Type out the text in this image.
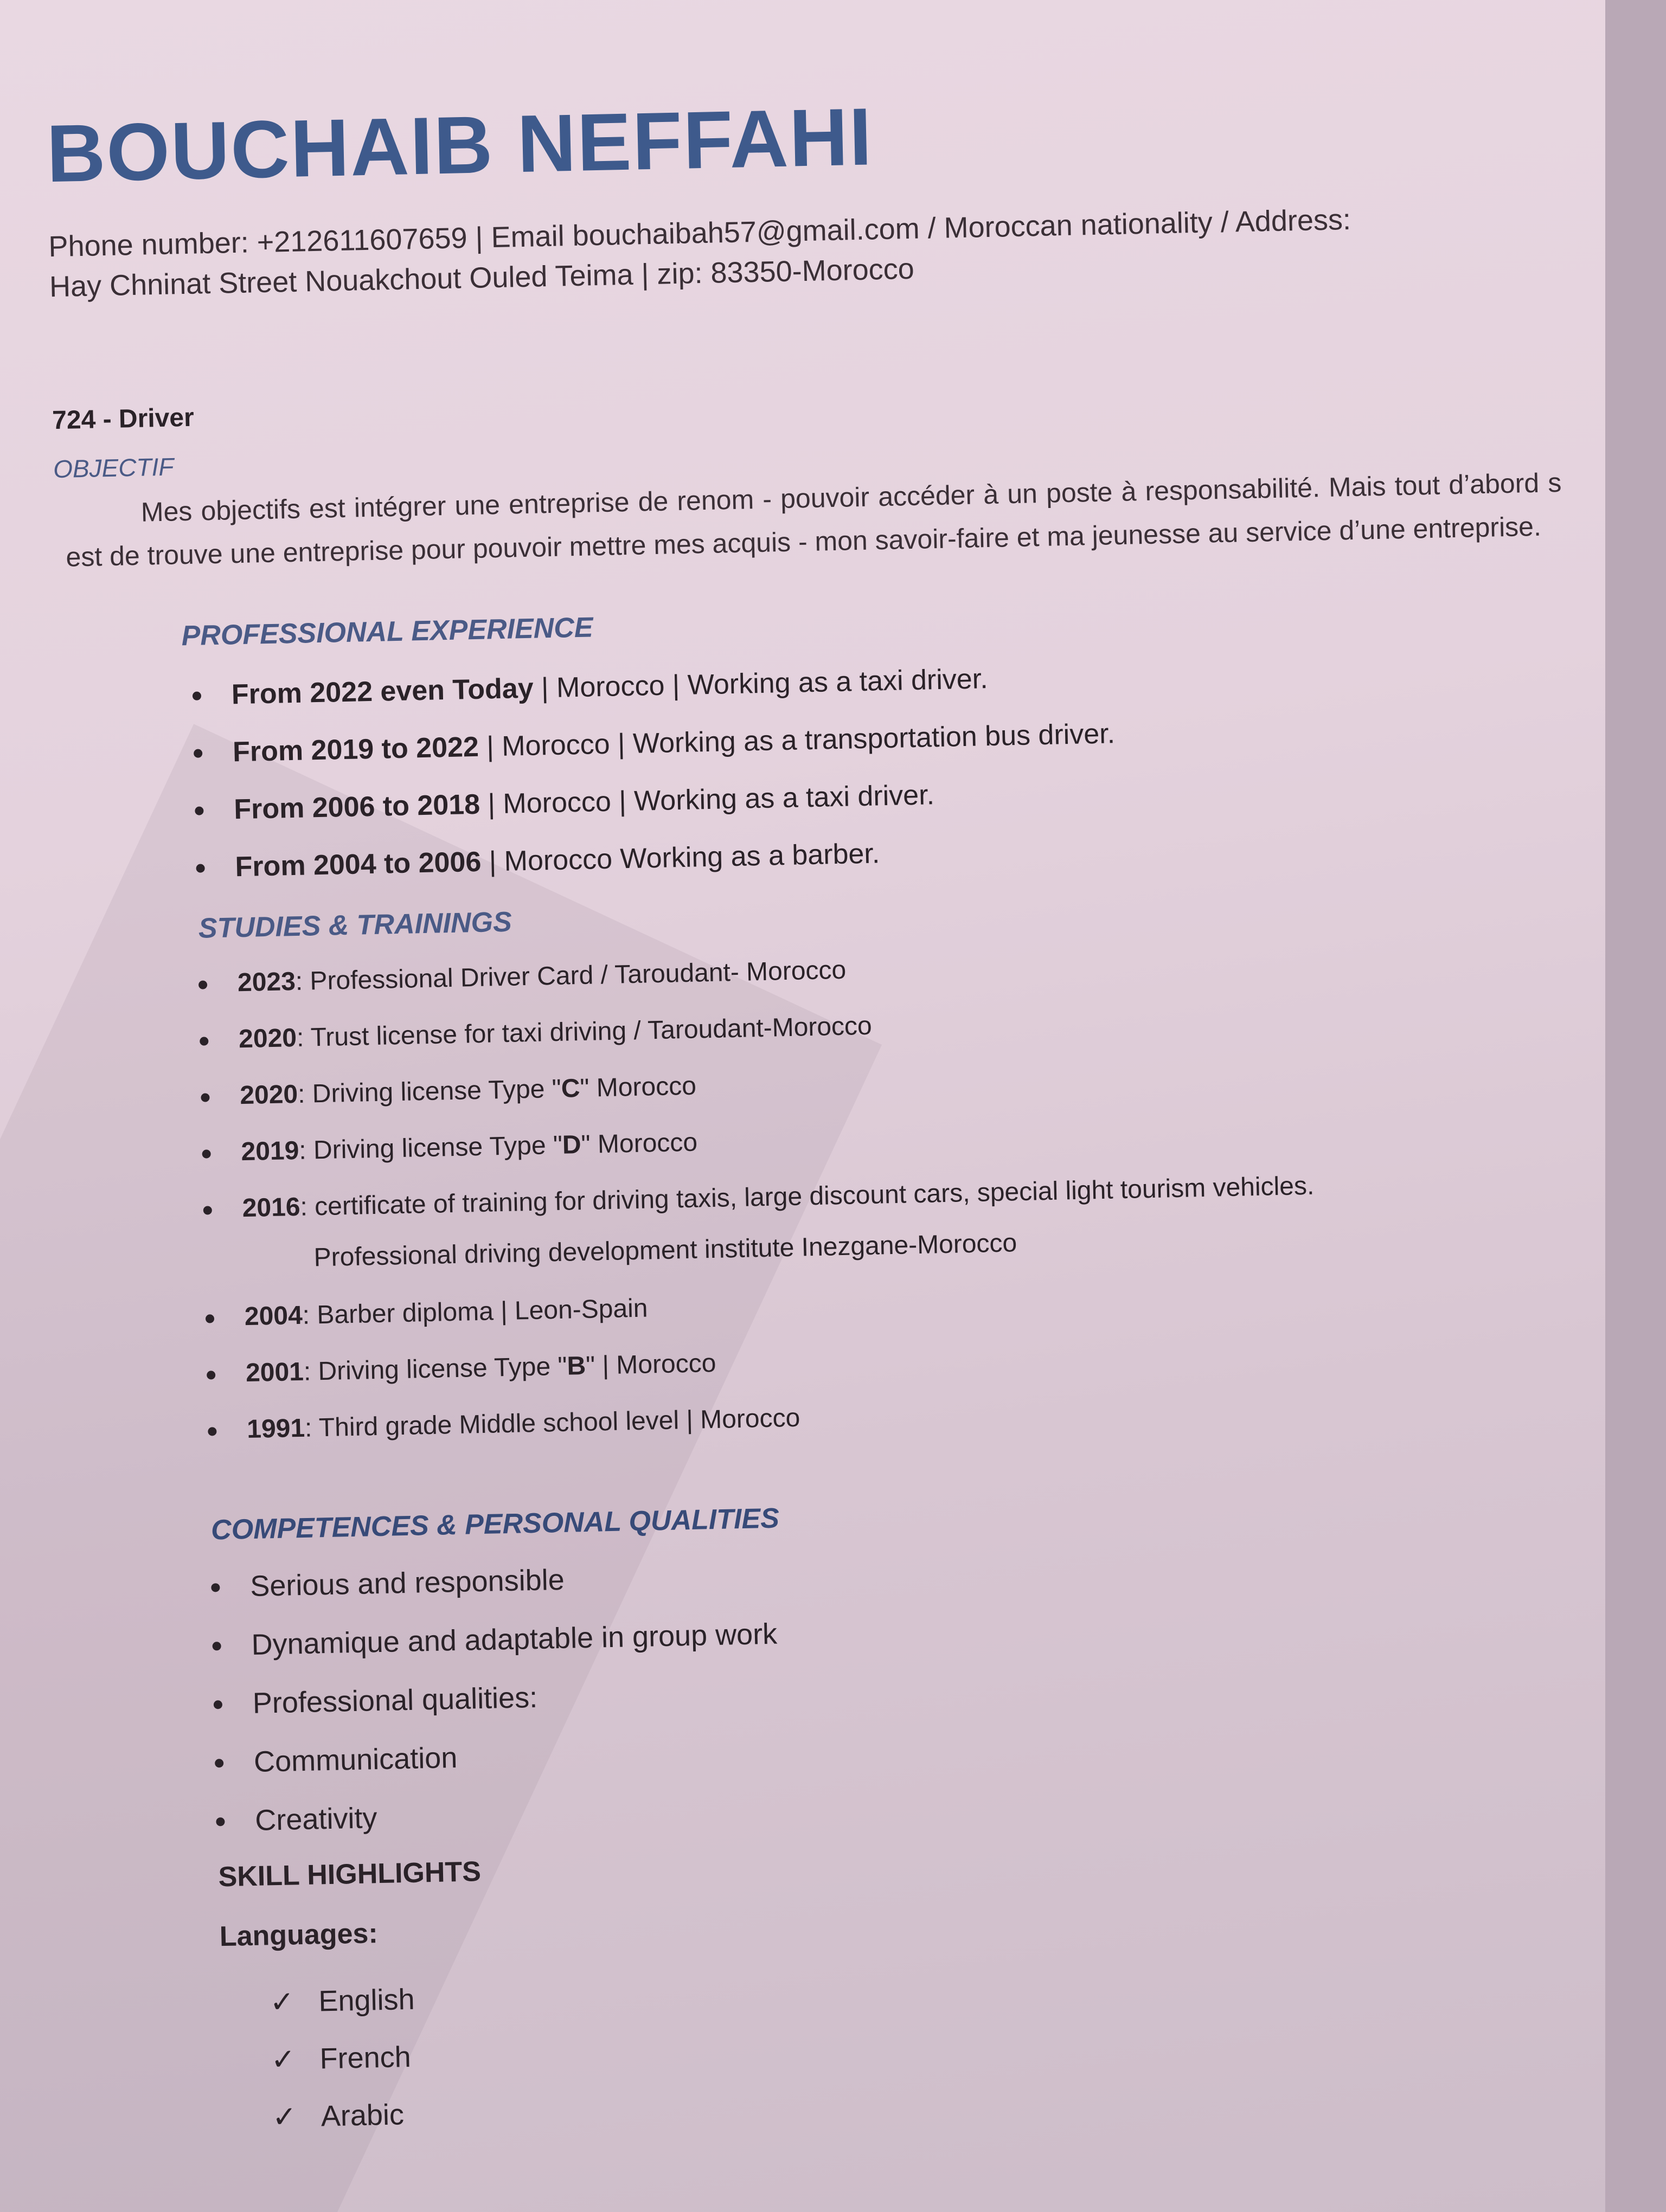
BOUCHAIB NEFFAHI
Phone number: +212611607659 | Email bouchaibah57@gmail.com / Moroccan nationality / Address:
Hay Chninat Street Nouakchout Ouled Teima | zip: 83350-Morocco
724 - Driver
OBJECTIF
Mes objectifs est intégrer une entreprise de renom - pouvoir accéder à un poste à responsabilité. Mais tout d’abord s est de trouve une entreprise pour pouvoir mettre mes acquis - mon savoir-faire et ma jeunesse au service d’une entreprise.
PROFESSIONAL EXPERIENCE
From 2022 even Today | Morocco | Working as a taxi driver.
From 2019 to 2022 | Morocco | Working as a transportation bus driver.
From 2006 to 2018 | Morocco | Working as a taxi driver.
From 2004 to 2006 | Morocco Working as a barber.
STUDIES & TRAININGS
2023: Professional Driver Card / Taroudant- Morocco
2020: Trust license for taxi driving / Taroudant-Morocco
2020: Driving license Type "C" Morocco
2019: Driving license Type "D" Morocco
2016: certificate of training for driving taxis, large discount cars, special light tourism vehicles.
Professional driving development institute Inezgane-Morocco
2004: Barber diploma | Leon-Spain
2001: Driving license Type "B" | Morocco
1991: Third grade Middle school level | Morocco
COMPETENCES & PERSONAL QUALITIES
Serious and responsible
Dynamique and adaptable in group work
Professional qualities:
Communication
Creativity
SKILL HIGHLIGHTS
Languages:
✓ English
✓ French
✓ Arabic
